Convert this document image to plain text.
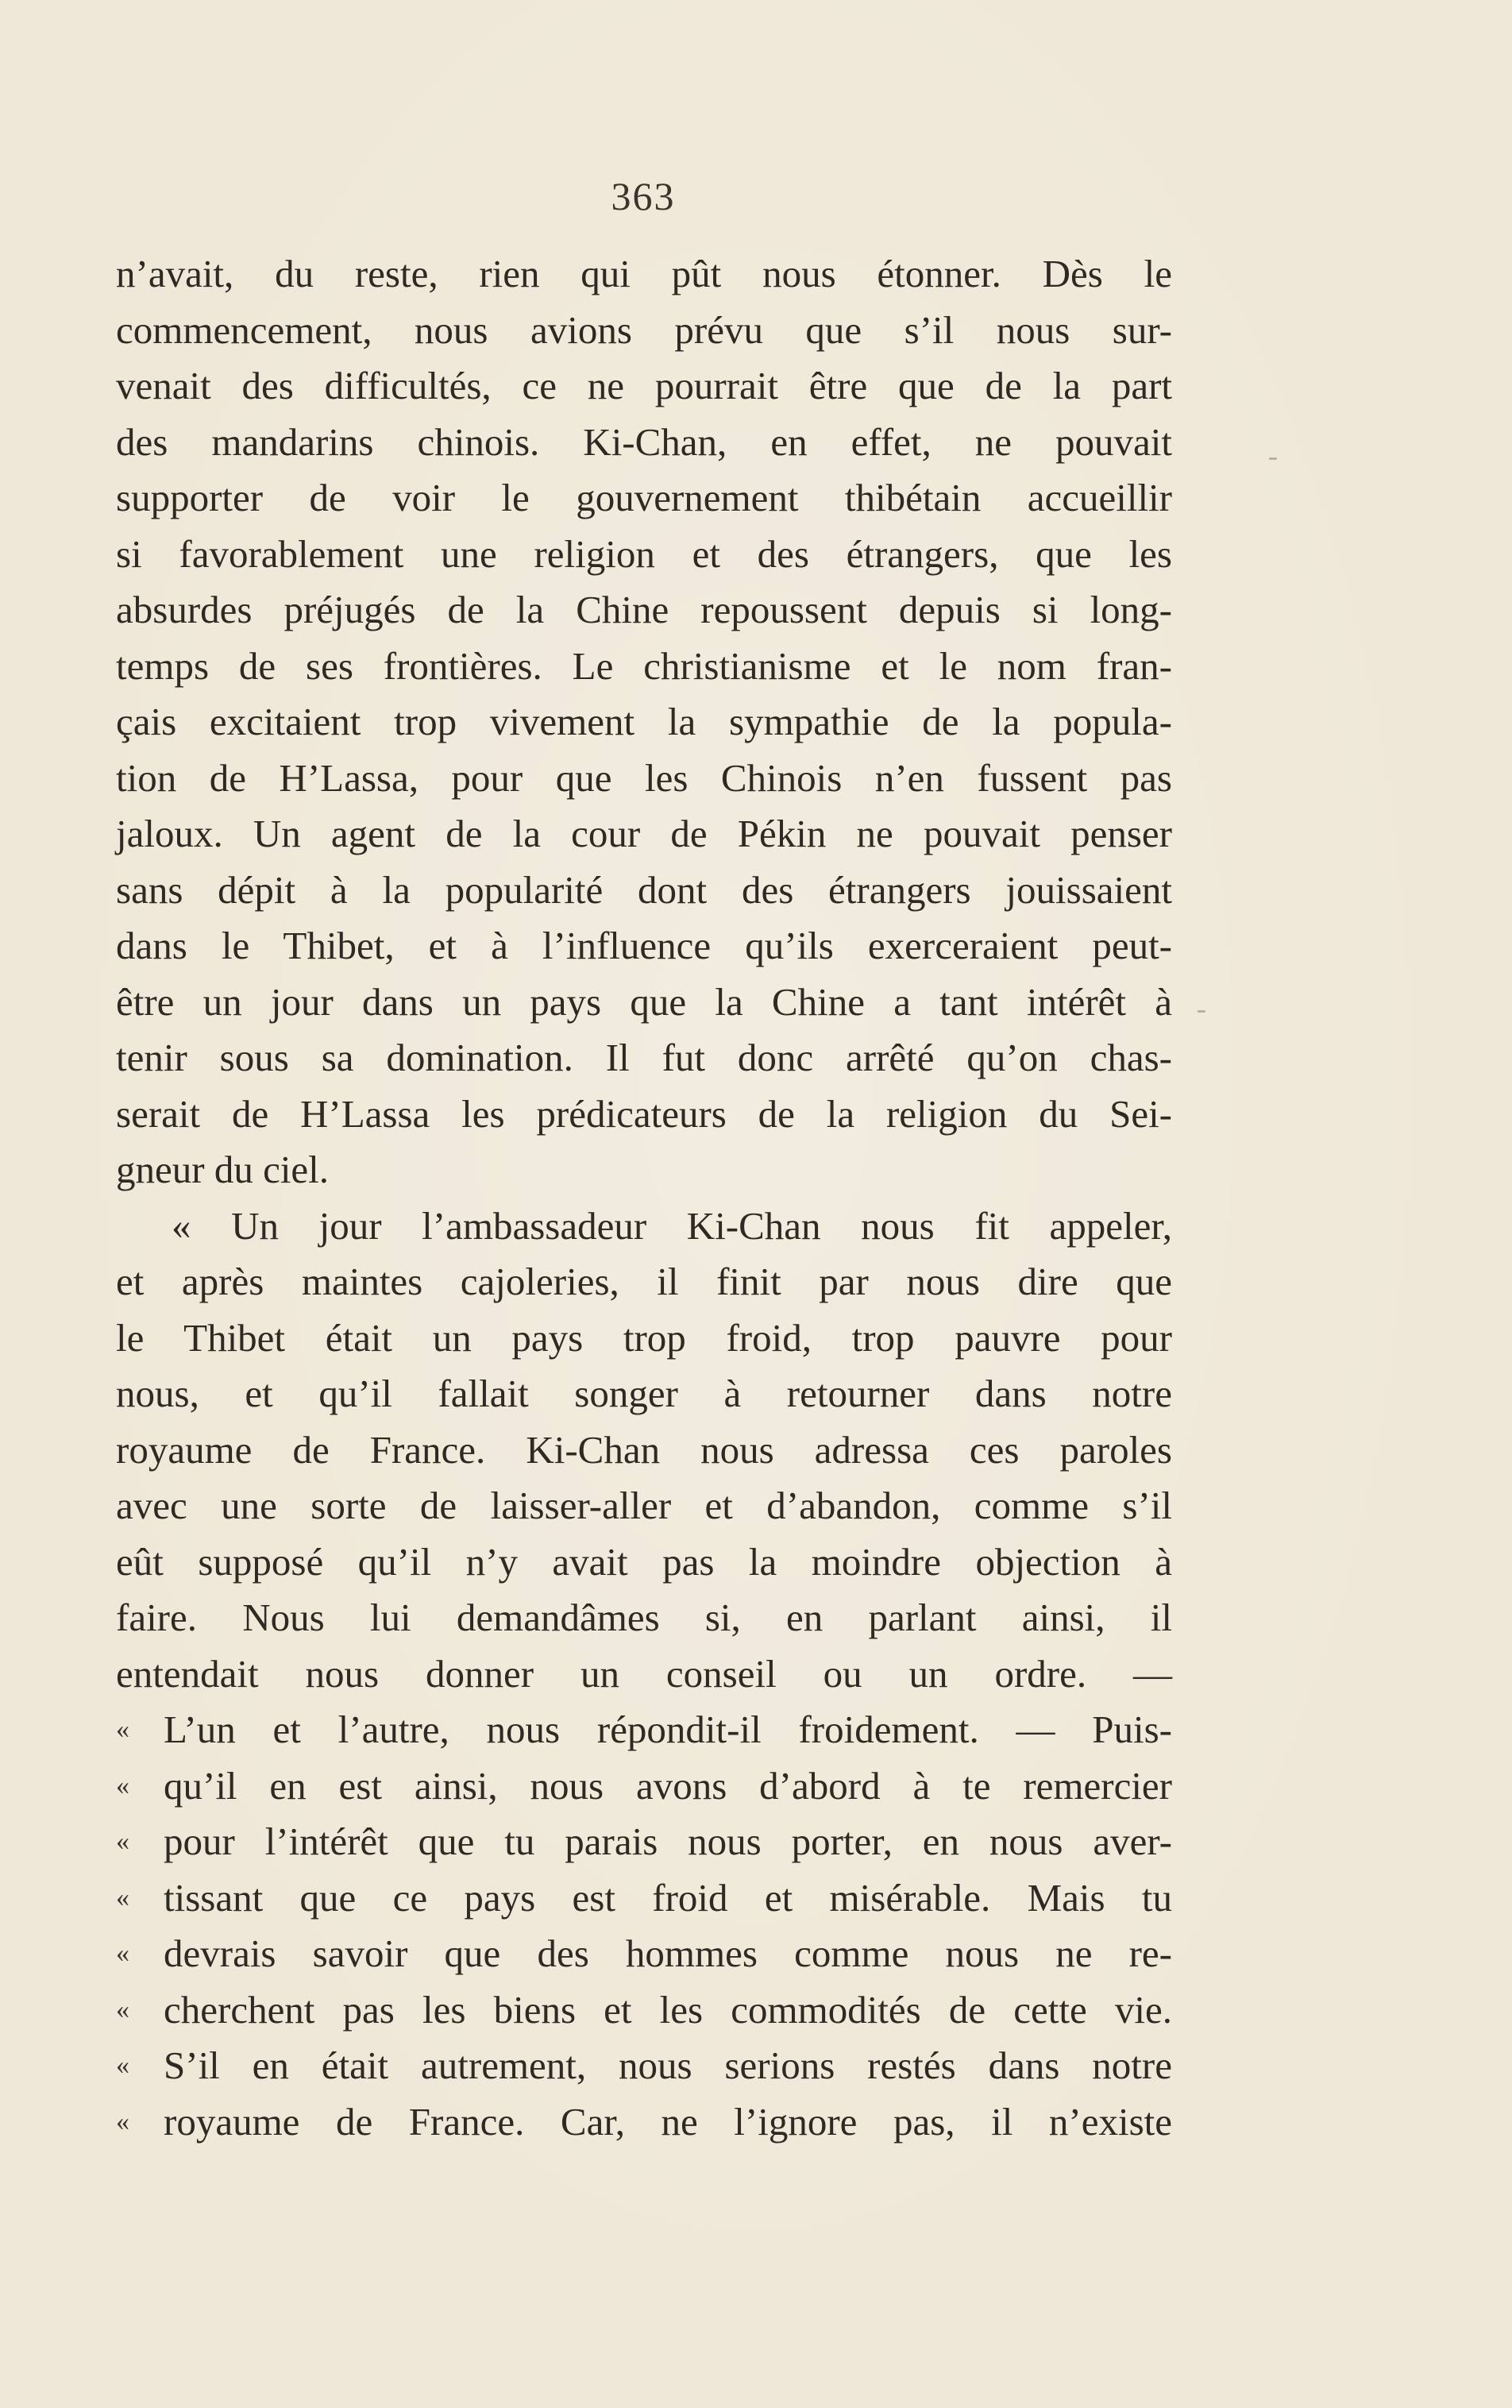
363
n’avait, du reste, rien qui pût nous étonner. Dès le
commencement, nous avions prévu que s’il nous sur-
venait des difficultés, ce ne pourrait être que de la part
des mandarins chinois. Ki-Chan, en effet, ne pouvait
supporter de voir le gouvernement thibétain accueillir
si favorablement une religion et des étrangers, que les
absurdes préjugés de la Chine repoussent depuis si long-
temps de ses frontières. Le christianisme et le nom fran-
çais excitaient trop vivement la sympathie de la popula-
tion de H’Lassa, pour que les Chinois n’en fussent pas
jaloux. Un agent de la cour de Pékin ne pouvait penser
sans dépit à la popularité dont des étrangers jouissaient
dans le Thibet, et à l’influence qu’ils exerceraient peut-
être un jour dans un pays que la Chine a tant intérêt à
tenir sous sa domination. Il fut donc arrêté qu’on chas-
serait de H’Lassa les prédicateurs de la religion du Sei-
gneur du ciel.
« Un jour l’ambassadeur Ki-Chan nous fit appeler,
et après maintes cajoleries, il finit par nous dire que
le Thibet était un pays trop froid, trop pauvre pour
nous, et qu’il fallait songer à retourner dans notre
royaume de France. Ki-Chan nous adressa ces paroles
avec une sorte de laisser-aller et d’abandon, comme s’il
eût supposé qu’il n’y avait pas la moindre objection à
faire. Nous lui demandâmes si, en parlant ainsi, il
entendait nous donner un conseil ou un ordre. —
« L’un et l’autre, nous répondit-il froidement. — Puis-
« qu’il en est ainsi, nous avons d’abord à te remercier
« pour l’intérêt que tu parais nous porter, en nous aver-
« tissant que ce pays est froid et misérable. Mais tu
« devrais savoir que des hommes comme nous ne re-
« cherchent pas les biens et les commodités de cette vie.
« S’il en était autrement, nous serions restés dans notre
« royaume de France. Car, ne l’ignore pas, il n’existe
